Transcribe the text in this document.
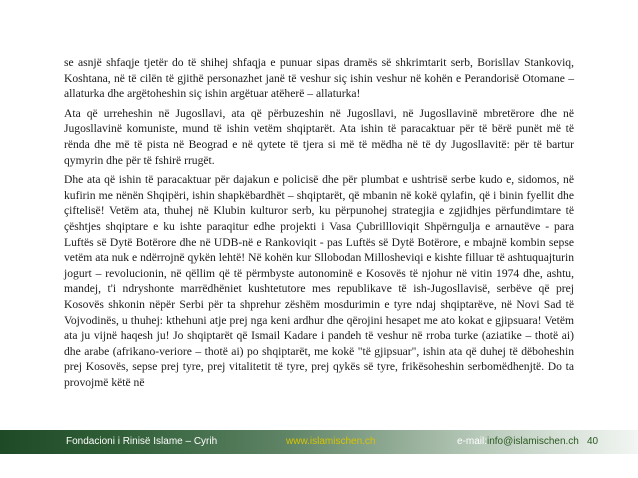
se asnjë shfaqje tjetër do të shihej shfaqja e punuar sipas dramës së shkrimtarit serb, Borisllav Stankoviq, Koshtana, në të cilën të gjithë personazhet janë të veshur siç ishin veshur në kohën e Perandorisë Otomane – allaturka dhe argëtoheshin siç ishin argëtuar atëherë – allaturka!

Ata që urreheshin në Jugosllavi, ata që përbuzeshin në Jugosllavi, në Jugosllavinë mbretërore dhe në Jugosllavinë komuniste, mund të ishin vetëm shqiptarët. Ata ishin të paracaktuar për të bërë punët më të rënda dhe më të pista në Beograd e në qytete të tjera si më të mëdha në të dy Jugosllavitë: për të bartur qymyrin dhe për të fshirë rrugët.

Dhe ata që ishin të paracaktuar për dajakun e policisë dhe për plumbat e ushtrisë serbe kudo e, sidomos, në kufirin me nënën Shqipëri, ishin shapkëbardhët – shqiptarët, që mbanin në kokë qylafin, që i binin fyellit dhe çiftelisë! Vetëm ata, thuhej në Klubin kulturor serb, ku përpunohej strategjia e zgjidhjes përfundimtare të çështjes shqiptare e ku ishte paraqitur edhe projekti i Vasa Çubrillloviqit Shpërngulja e arnautëve - para Luftës së Dytë Botërore dhe në UDB-në e Rankoviqit - pas Luftës së Dytë Botërore, e mbajnë kombin sepse vetëm ata nuk e ndërrojnë qykën lehtë! Në kohën kur Sllobodan Millosheviqi e kishte filluar të ashtuquajturin jogurt – revolucionin, në qëllim që të përmbyste autonominë e Kosovës të njohur në vitin 1974 dhe, ashtu, mandej, t'i ndryshonte marrëdhëniet kushtetutore mes republikave të ish-Jugosllavisë, serbëve që prej Kosovës shkonin nëpër Serbi për ta shprehur zëshëm mosdurimin e tyre ndaj shqiptarëve, në Novi Sad të Vojvodinës, u thuhej: kthehuni atje prej nga keni ardhur dhe qërojini hesapet me ato kokat e gjipsuara! Vetëm ata ju vijnë haqesh ju! Jo shqiptarët që Ismail Kadare i pandeh të veshur në rroba turke (aziatike – thotë ai) dhe arabe (afrikano-veriore – thotë ai) po shqiptarët, me kokë "të gjipsuar", ishin ata që duhej të dëboheshin prej Kosovës, sepse prej tyre, prej vitalitetit të tyre, prej qykës së tyre, frikësoheshin serbomëdhenjtë. Do ta provojmë këtë në

Fondacioni i Rinisë Islame – Cyrih	www.islamischen.ch	e-mail: info@islamischen.ch 40
